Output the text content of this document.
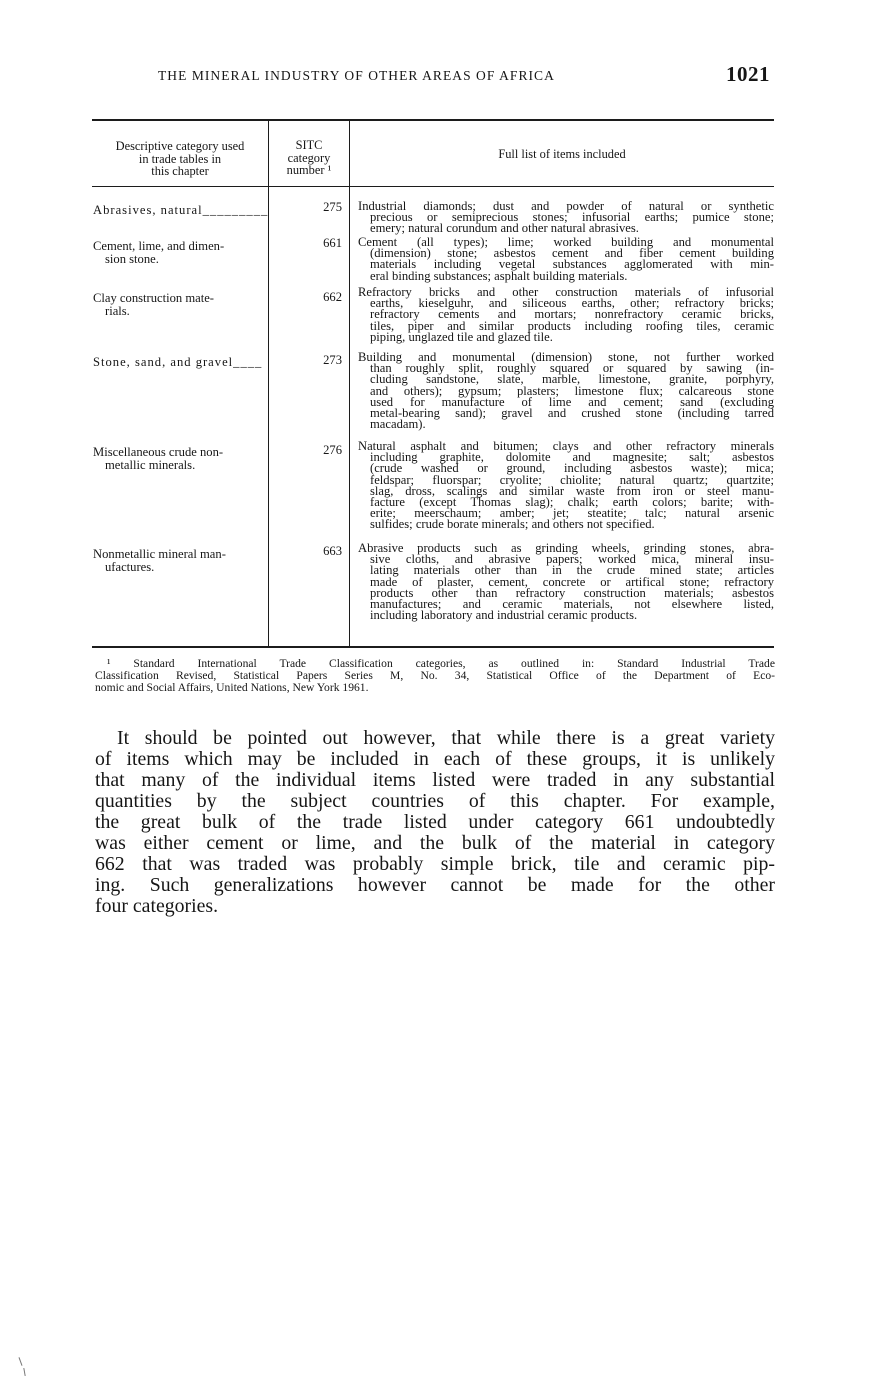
THE MINERAL INDUSTRY OF OTHER AREAS OF AFRICA	1021
Descriptive category used
in trade tables in
this chapter
SITC
category
number ¹
Full list of items included
Abrasives, natural_________	275 Industrial diamonds; dust and powder of natural or synthetic
precious or semiprecious stones; infusorial earths; pumice stone;
emery; natural corundum and other natural abrasives.
Cement, lime, and dimen-
sion stone.
661 Cement (all types); lime; worked building and monumental
(dimension) stone; asbestos cement and fiber cement building
materials including vegetal substances agglomerated with min-
eral binding substances; asphalt building materials.
Clay construction mate-
rials.
662 Refractory bricks and other construction materials of infusorial
earths, kieselguhr, and siliceous earths, other; refractory bricks;
refractory cements and mortars; nonrefractory ceramic bricks,
tiles, piper and similar products including roofing tiles, ceramic
piping, unglazed tile and glazed tile.
Stone, sand, and gravel____	273 Building and monumental (dimension) stone, not further worked
than roughly split, roughly squared or squared by sawing (in-
cluding sandstone, slate, marble, limestone, granite, porphyry,
and others); gypsum; plasters; limestone flux; calcareous stone
used for manufacture of lime and cement; sand (excluding
metal-bearing sand); gravel and crushed stone (including tarred
macadam).
Miscellaneous crude non-
metallic minerals.
276 Natural asphalt and bitumen; clays and other refractory minerals
including graphite, dolomite and magnesite; salt; asbestos
(crude washed or ground, including asbestos waste); mica;
feldspar; fluorspar; cryolite; chiolite; natural quartz; quartzite;
slag, dross, scalings and similar waste from iron or steel manu-
facture (except Thomas slag); chalk; earth colors; barite; with-
erite; meerschaum; amber; jet; steatite; talc; natural arsenic
sulfides; crude borate minerals; and others not specified.
Nonmetallic mineral man-
ufactures.
663 Abrasive products such as grinding wheels, grinding stones, abra-
sive cloths, and abrasive papers; worked mica, mineral insu-
lating materials other than in the crude mined state; articles
made of plaster, cement, concrete or artifical stone; refractory
products other than refractory construction materials; asbestos
manufactures; and ceramic materials, not elsewhere listed,
including laboratory and industrial ceramic products.
¹ Standard International Trade Classification categories, as outlined in: Standard Industrial Trade
Classification Revised, Statistical Papers Series M, No. 34, Statistical Office of the Department of Eco-
nomic and Social Affairs, United Nations, New York 1961.
It should be pointed out however, that while there is a great variety
of items which may be included in each of these groups, it is unlikely
that many of the individual items listed were traded in any substantial
quantities by the subject countries of this chapter. For example,
the great bulk of the trade listed under category 661 undoubtedly
was either cement or lime, and the bulk of the material in category
662 that was traded was probably simple brick, tile and ceramic pip-
ing. Such generalizations however cannot be made for the other
four categories.
